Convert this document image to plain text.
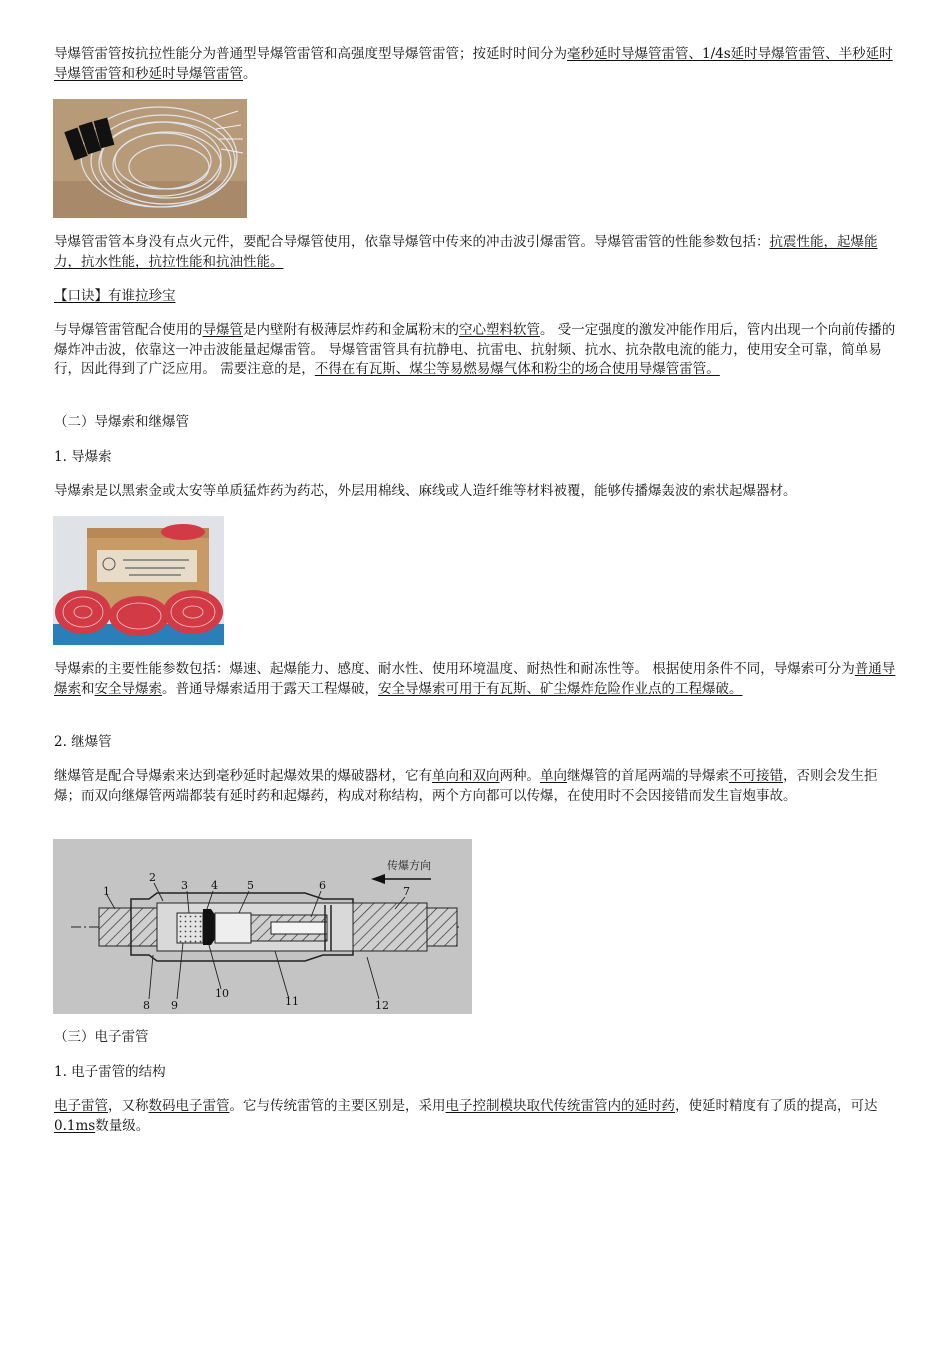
导爆管雷管按抗拉性能分为普通型导爆管雷管和高强度型导爆管雷管；按延时时间分为毫秒延时导爆管雷管、1/4s延时导爆管雷管、半秒延时导爆管雷管和秒延时导爆管雷管。

导爆管雷管本身没有点火元件，要配合导爆管使用，依靠导爆管中传来的冲击波引爆雷管。导爆管雷管的性能参数包括：抗震性能，起爆能力，抗水性能，抗拉性能和抗油性能。

【口诀】有谁拉珍宝

与导爆管雷管配合使用的导爆管是内壁附有极薄层炸药和金属粉末的空心塑料软管。 受一定强度的激发冲能作用后，管内出现一个向前传播的爆炸冲击波，依靠这一冲击波能量起爆雷管。 导爆管雷管具有抗静电、抗雷电、抗射频、抗水、抗杂散电流的能力，使用安全可靠，简单易行，因此得到了广泛应用。 需要注意的是，不得在有瓦斯、煤尘等易燃易爆气体和粉尘的场合使用导爆管雷管。

（二）导爆索和继爆管

1. 导爆索

导爆索是以黑索金或太安等单质猛炸药为药芯，外层用棉线、麻线或人造纤维等材料被覆，能够传播爆轰波的索状起爆器材。

导爆索的主要性能参数包括：爆速、起爆能力、感度、耐水性、使用环境温度、耐热性和耐冻性等。 根据使用条件不同，导爆索可分为普通导爆索和安全导爆索。普通导爆索适用于露天工程爆破，安全导爆索可用于有瓦斯、矿尘爆炸危险作业点的工程爆破。

2. 继爆管

继爆管是配合导爆索来达到毫秒延时起爆效果的爆破器材，它有单向和双向两种。单向继爆管的首尾两端的导爆索不可接错，否则会发生拒爆；而双向继爆管两端都装有延时药和起爆药，构成对称结构，两个方向都可以传爆，在使用时不会因接错而发生盲炮事故。

传爆方向
1
2
3 4	5	6	7
8 9
10
11	12

（三）电子雷管

1. 电子雷管的结构

电子雷管，又称数码电子雷管。它与传统雷管的主要区别是，采用电子控制模块取代传统雷管内的延时药，使延时精度有了质的提高，可达0.1ms数量级。
